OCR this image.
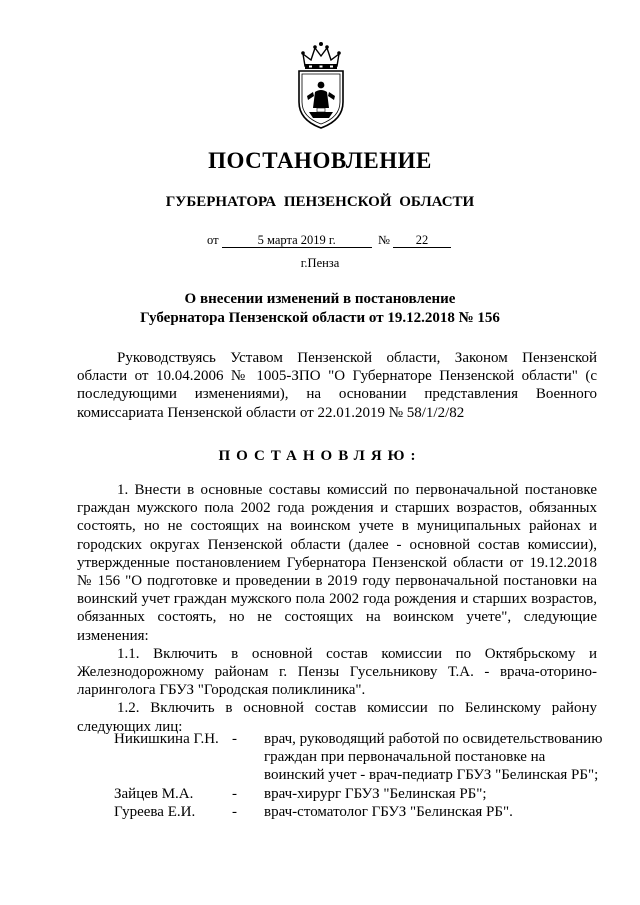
ПОСТАНОВЛЕНИЕ
ГУБЕРНАТОРА ПЕНЗЕНСКОЙ ОБЛАСТИ
от	5 марта 2019 г.	№ 22
г.Пенза
О внесении изменений в постановление
Губернатора Пензенской области от 19.12.2018 № 156

Руководствуясь Уставом Пензенской области, Законом Пензенской области от 10.04.2006 № 1005-ЗПО "О Губернаторе Пензенской области" (с последующими изменениями), на основании представления Военного комиссариата Пензенской области от 22.01.2019 № 58/1/2/82

ПОСТАНОВЛЯЮ:

1. Внести в основные составы комиссий по первоначальной постановке граждан мужского пола 2002 года рождения и старших возрастов, обязанных состоять, но не состоящих на воинском учете в муниципальных районах и городских округах Пензенской области (далее - основной состав комиссии), утвержденные постановлением Губернатора Пензенской области от 19.12.2018 № 156 "О подготовке и проведении в 2019 году первоначальной постановки на воинский учет граждан мужского пола 2002 года рождения и старших возрастов, обязанных состоять, но не состоящих на воинском учете", следующие изменения:

1.1. Включить в основной состав комиссии по Октябрьскому и Железнодорожному районам г. Пензы Гусельникову Т.А. - врача-оторино-ларинголога ГБУЗ "Городская поликлиника".

1.2. Включить в основной состав комиссии по Белинскому району следующих лиц:

Никишкина Г.Н. -	врач, руководящий работой по освидетельствованию граждан при первоначальной постановке на воинский учет - врач-педиатр ГБУЗ "Белинская РБ";
Зайцев М.А.	-	врач-хирург ГБУЗ "Белинская РБ";
Гуреева Е.И.	-	врач-стоматолог ГБУЗ "Белинская РБ".
